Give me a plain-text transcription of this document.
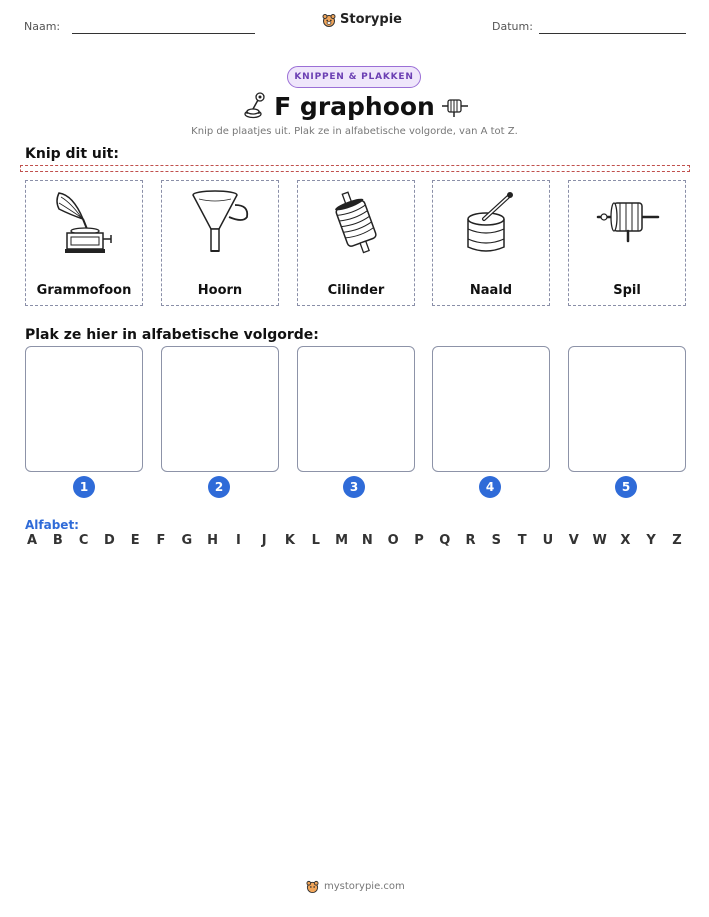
Naam:	Storypie	Datum:
KNIPPEN & PLAKKEN
F graphoon
Knip de plaatjes uit. Plak ze in alfabetische volgorde, van A tot Z.
Knip dit uit:
Grammofoon	Hoorn	Cilinder	Naald	Spil
Plak ze hier in alfabetische volgorde:
1	2	3	4	5
Alfabet:
A B C D E F G H	I	J	K L M N O P Q R S T U V W X Y Z
mystorypie.com
